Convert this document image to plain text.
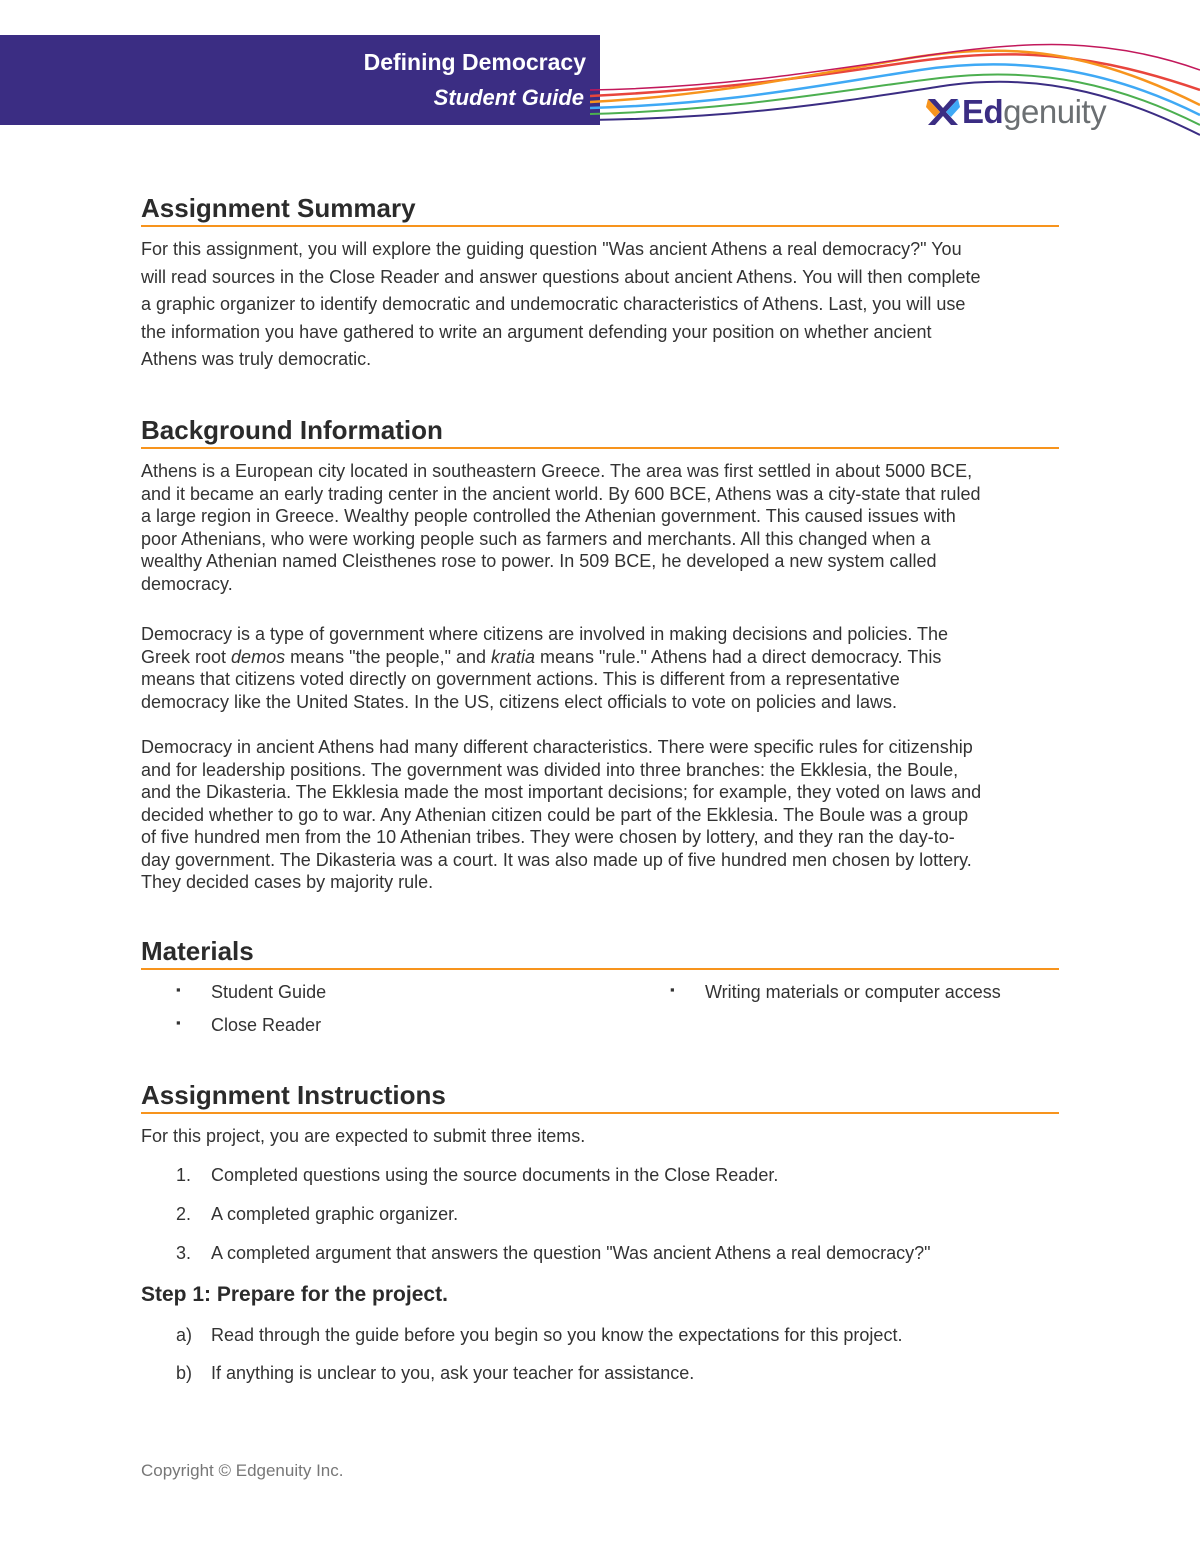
Defining Democracy
Student Guide	Edgenuity
Assignment Summary
For this assignment, you will explore the guiding question "Was ancient Athens a real democracy?" You
will read sources in the Close Reader and answer questions about ancient Athens. You will then complete
a graphic organizer to identify democratic and undemocratic characteristics of Athens. Last, you will use
the information you have gathered to write an argument defending your position on whether ancient
Athens was truly democratic.
Background Information
Athens is a European city located in southeastern Greece. The area was first settled in about 5000 BCE,
and it became an early trading center in the ancient world. By 600 BCE, Athens was a city-state that ruled
a large region in Greece. Wealthy people controlled the Athenian government. This caused issues with
poor Athenians, who were working people such as farmers and merchants. All this changed when a
wealthy Athenian named Cleisthenes rose to power. In 509 BCE, he developed a new system called
democracy.
Democracy is a type of government where citizens are involved in making decisions and policies. The
Greek root demos means "the people," and kratia means "rule." Athens had a direct democracy. This
means that citizens voted directly on government actions. This is different from a representative
democracy like the United States. In the US, citizens elect officials to vote on policies and laws.
Democracy in ancient Athens had many different characteristics. There were specific rules for citizenship
and for leadership positions. The government was divided into three branches: the Ekklesia, the Boule,
and the Dikasteria. The Ekklesia made the most important decisions; for example, they voted on laws and
decided whether to go to war. Any Athenian citizen could be part of the Ekklesia. The Boule was a group
of five hundred men from the 10 Athenian tribes. They were chosen by lottery, and they ran the day-to-
day government. The Dikasteria was a court. It was also made up of five hundred men chosen by lottery.
They decided cases by majority rule.
Materials
▪ Student Guide
▪ Close Reader
▪ Writing materials or computer access
Assignment Instructions
For this project, you are expected to submit three items.
1. Completed questions using the source documents in the Close Reader.
2. A completed graphic organizer.
3. A completed argument that answers the question "Was ancient Athens a real democracy?"
Step 1: Prepare for the project.
a) Read through the guide before you begin so you know the expectations for this project.
b) If anything is unclear to you, ask your teacher for assistance.
Copyright © Edgenuity Inc.
